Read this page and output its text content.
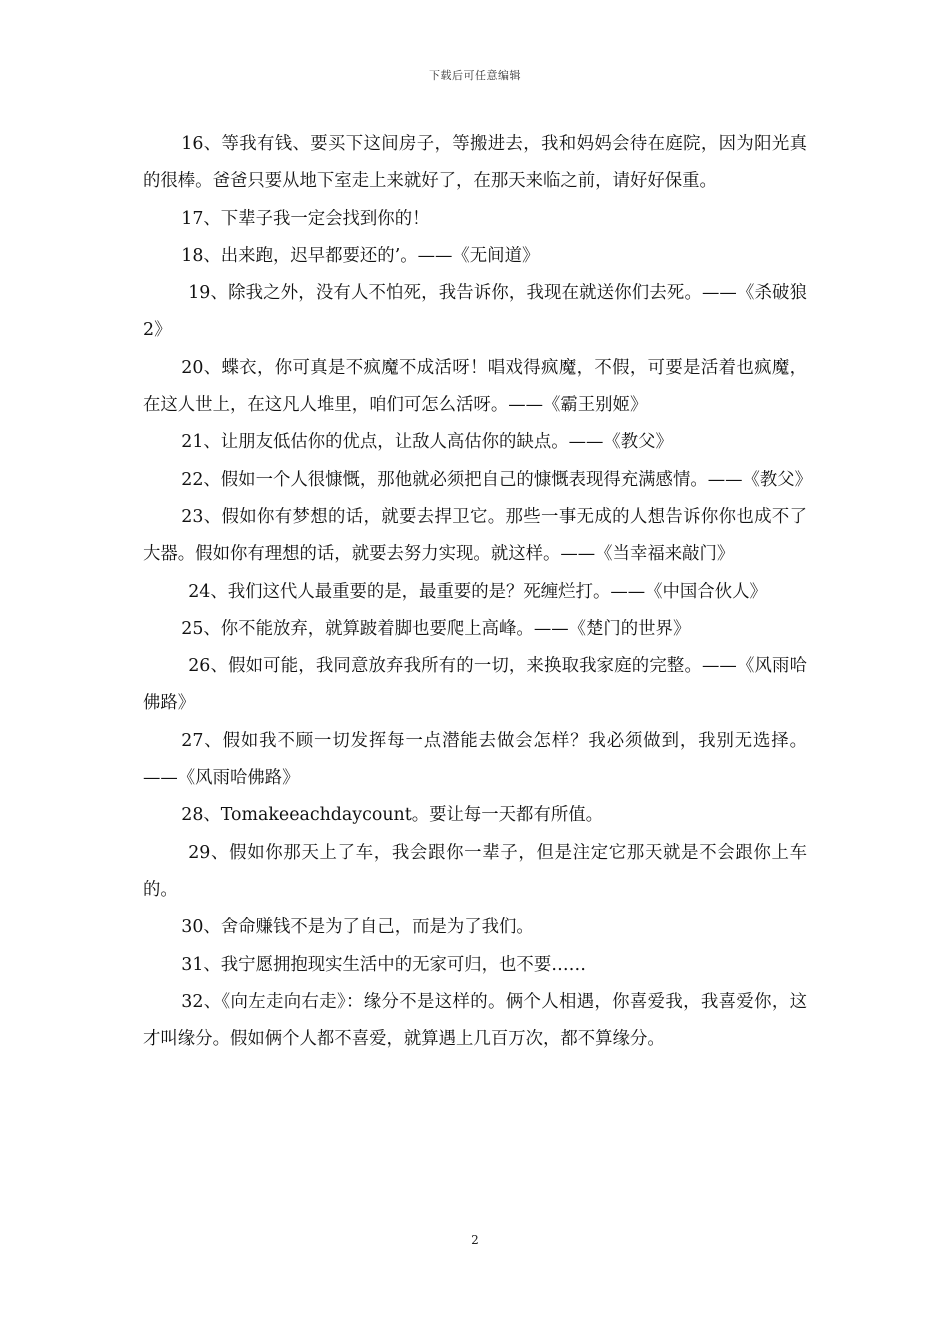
下载后可任意编辑

16、等我有钱、要买下这间房子，等搬进去，我和妈妈会待在庭院，因为阳光真的很棒。爸爸只要从地下室走上来就好了，在那天来临之前，请好好保重。

17、下辈子我一定会找到你的！

18、出来跑，迟早都要还的’。——《无间道》

19、除我之外，没有人不怕死，我告诉你，我现在就送你们去死。——《杀破狼2》

20、蝶衣，你可真是不疯魔不成活呀！唱戏得疯魔，不假，可要是活着也疯魔，在这人世上，在这凡人堆里，咱们可怎么活呀。——《霸王别姬》

21、让朋友低估你的优点，让敌人高估你的缺点。——《教父》

22、假如一个人很慷慨，那他就必须把自己的慷慨表现得充满感情。——《教父》

23、假如你有梦想的话，就要去捍卫它。那些一事无成的人想告诉你你也成不了大器。假如你有理想的话，就要去努力实现。就这样。——《当幸福来敲门》

24、我们这代人最重要的是，最重要的是？死缠烂打。——《中国合伙人》

25、你不能放弃，就算跛着脚也要爬上高峰。——《楚门的世界》

26、假如可能，我同意放弃我所有的一切，来换取我家庭的完整。——《风雨哈佛路》

27、假如我不顾一切发挥每一点潜能去做会怎样？我必须做到，我别无选择。——《风雨哈佛路》

28、Tomakeeachdaycount。要让每一天都有所值。

29、假如你那天上了车，我会跟你一辈子，但是注定它那天就是不会跟你上车的。

30、舍命赚钱不是为了自己，而是为了我们。

31、我宁愿拥抱现实生活中的无家可归，也不要……

32、《向左走向右走》：缘分不是这样的。俩个人相遇，你喜爱我，我喜爱你，这才叫缘分。假如俩个人都不喜爱，就算遇上几百万次，都不算缘分。

2
